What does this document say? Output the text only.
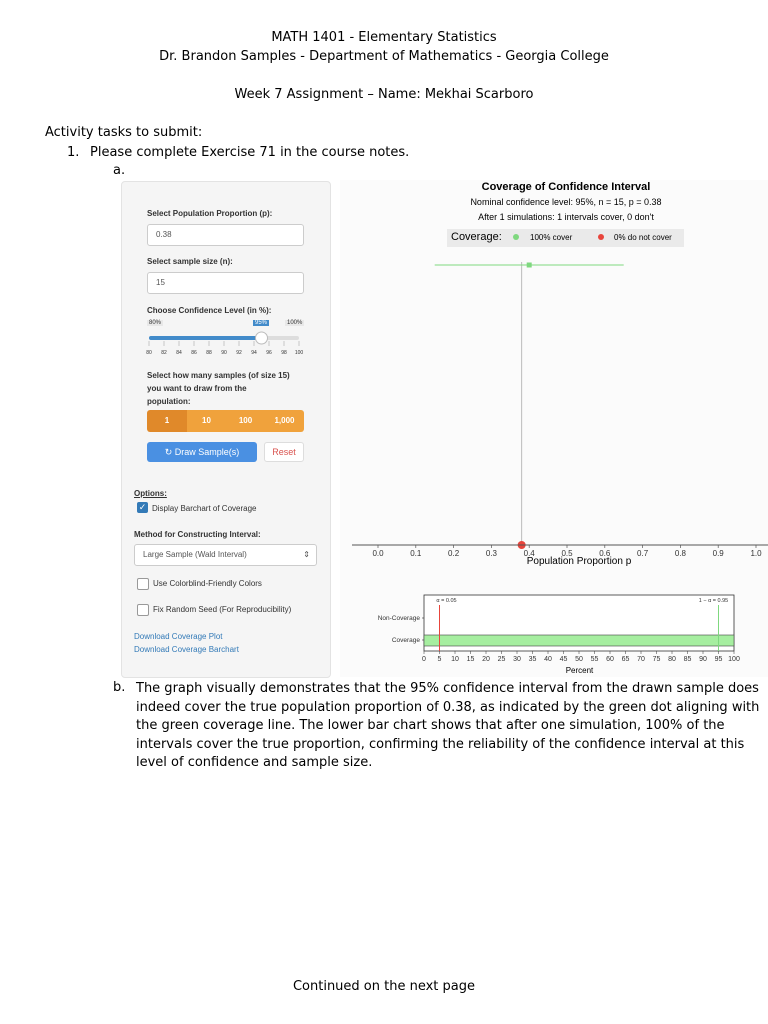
MATH 1401 - Elementary Statistics
Dr. Brandon Samples - Department of Mathematics - Georgia College
Week 7 Assignment – Name: Mekhai Scarboro
Activity tasks to submit:
1. Please complete Exercise 71 in the course notes.
a.
Select Population Proportion (p):
0.38
Select sample size (n):
15
Choose Confidence Level (in %):
80%	95%	100%
80 82 84 86 88 90 92 94 96 98 100
Select how many samples (of size 15)
you want to draw from the
population:
1	10	100	1,000
↻ Draw Sample(s)	Reset
Options:
✓ Display Barchart of Coverage
Method for Constructing Interval:
Large Sample (Wald Interval)	⇕
Use Colorblind-Friendly Colors
Fix Random Seed (For Reproducibility)
Download Coverage Plot
Download Coverage Barchart
Coverage of Confidence Interval
Nominal confidence level: 95%, n = 15, p = 0.38
After 1 simulations: 1 intervals cover, 0 don't
Coverage:	100% cover	0% do not cover
0.0	0.1	0.2	0.3	0.4	0.5	0.6	0.7	0.8	0.9	1.0
Population Proportion p
Non-Coverage
Coverage
α = 0.05	1 − α = 0.95
0 5 10 15 20 25 30 35 40 45 50 55 60 65 70 75 80 85 90 95 100
Percent
b. The graph visually demonstrates that the 95% confidence interval from the drawn sample does
indeed cover the true population proportion of 0.38, as indicated by the green dot aligning with
the green coverage line. The lower bar chart shows that after one simulation, 100% of the
intervals cover the true proportion, confirming the reliability of the confidence interval at this
level of confidence and sample size.
Continued on the next page
